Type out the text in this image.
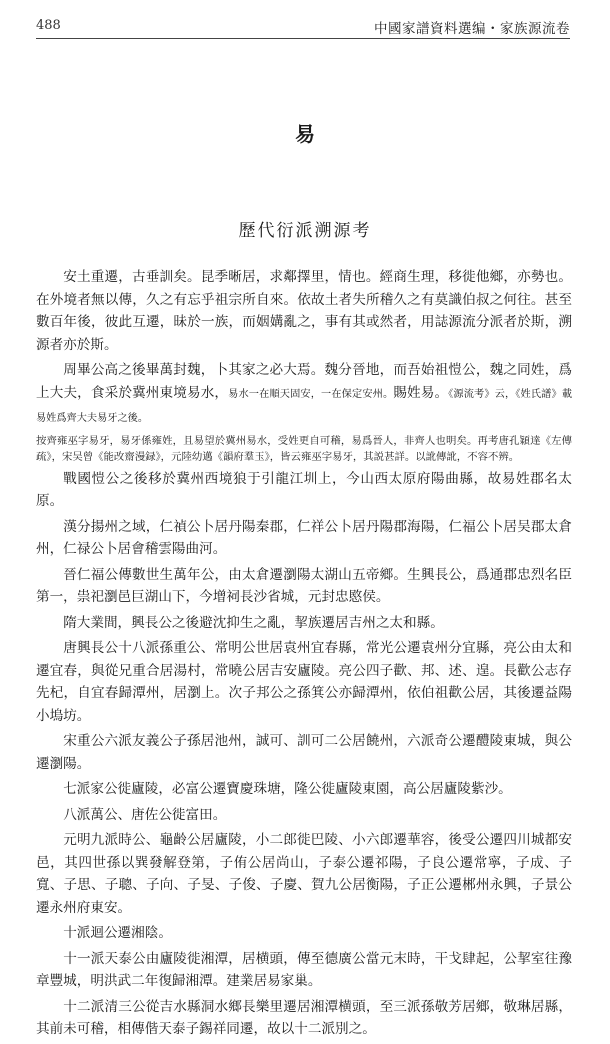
488	中國家譜資料選编・家族源流卷
易
歷代衍派溯源考

安土重遷，古垂訓矣。昆季晰居，求鄰擇里，情也。經商生理，移徙他鄉，亦勢也。在外境者無以傳，久之有忘乎祖宗所自來。依故土者失所稽久之有莫識伯叔之何往。甚至數百年後，彼此互遷，昧於一族，而姻媾亂之，事有其或然者，用誌源流分派者於斯，溯源者亦於斯。

周畢公高之後畢萬封魏，卜其家之必大焉。魏分晉地，而吾始祖愷公，魏之同姓，爲上大夫，食采於冀州東境易水，易水一在順天固安，一在保定安州。賜姓易。《源流考》云，《姓氏譜》載易姓爲齊大夫易牙之後。

按齊雍巫字易牙，易牙係雍姓，且易望於冀州易水，受姓更自可稽，易爲晉人，非齊人也明矣。再考唐孔穎達《左傳疏》，宋吴曾《能改齋漫録》，元陸幼邁《韻府羣玉》，皆云雍巫字易牙，其説甚詳。以訛傳訛，不容不辨。

戰國愷公之後移於冀州西境狼于引龍江圳上，今山西太原府陽曲縣，故易姓郡名太原。

漢分揚州之域，仁禎公卜居丹陽秦郡，仁祥公卜居丹陽郡海陽，仁福公卜居吴郡太倉州，仁禄公卜居會稽雲陽曲河。

晉仁福公傳數世生萬年公，由太倉遷瀏陽太湖山五帝鄉。生興長公，爲通郡忠烈名臣第一，祟祀瀏邑巨湖山下，今增祠長沙省城，元封忠愍侯。

隋大業間，興長公之後避沈抑生之亂，挈族遷居吉州之太和縣。

唐興長公十八派孫重公、常明公世居袁州宜春縣，常光公遷袁州分宜縣，亮公由太和遷宜春，與從兄重合居湯村，常曉公居吉安廬陵。亮公四子歡、邦、述、遑。長歡公志存先杞，自宜春歸潭州，居瀏上。次子邦公之孫箕公亦歸潭州，依伯祖歡公居，其後遷益陽小塢坊。

宋重公六派友義公子孫居池州，誠可、訓可二公居饒州，六派奇公遷醴陵東城，與公遷瀏陽。

七派家公徙廬陵，必富公遷寶慶珠塘，隆公徙廬陵東園，高公居廬陵紫沙。

八派萬公、唐佐公徙富田。

元明九派時公、龜齡公居廬陵，小二郎徙巴陵、小六郎遷華容，後受公遷四川城都安邑，其四世孫以巽發解登第，子侑公居尚山，子泰公遷祁陽，子良公遷常寧，子成、子寬、子思、子聰、子向、子旻、子俊、子慶、賀九公居衡陽，子正公遷郴州永興，子景公遷永州府東安。

十派迴公遷湘陰。

十一派天泰公由廬陵徙湘潭，居横頭，傳至德廣公當元末時，干戈肆起，公挈室往豫章豐城，明洪武二年復歸湘潭。建業居易家巢。

十二派清三公從吉水縣洞水鄉長樂里遷居湘潭横頭，至三派孫敬芳居鄉，敬琳居縣，其前未可稽，相傳偕天泰子錫祥同遷，故以十二派別之。
